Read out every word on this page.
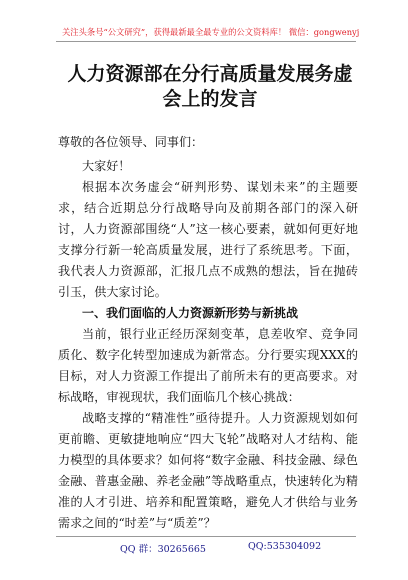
关注头条号“公文研究”，获得最新最全最专业的公文资料库！ 微信：gongwenyj
人力资源部在分行高质量发展务虚会上的发言

尊敬的各位领导、同事们：

大家好！

根据本次务虚会“研判形势、谋划未来”的主题要求，结合近期总分行战略导向及前期各部门的深入研讨，人力资源部围绕“人”这一核心要素，就如何更好地支撑分行新一轮高质量发展，进行了系统思考。下面，我代表人力资源部，汇报几点不成熟的想法，旨在抛砖引玉，供大家讨论。

一、我们面临的人力资源新形势与新挑战

当前，银行业正经历深刻变革，息差收窄、竞争同质化、数字化转型加速成为新常态。分行要实现XXX的目标，对人力资源工作提出了前所未有的更高要求。对标战略，审视现状，我们面临几个核心挑战：

战略支撑的“精准性”亟待提升。人力资源规划如何更前瞻、更敏捷地响应“四大飞轮”战略对人才结构、能力模型的具体要求？如何将“数字金融、科技金融、绿色金融、普惠金融、养老金融”等战略重点，快速转化为精准的人才引进、培养和配置策略，避免人才供给与业务需求之间的“时差”与“质差”？

QQ 群：30265665	QQ:535304092
